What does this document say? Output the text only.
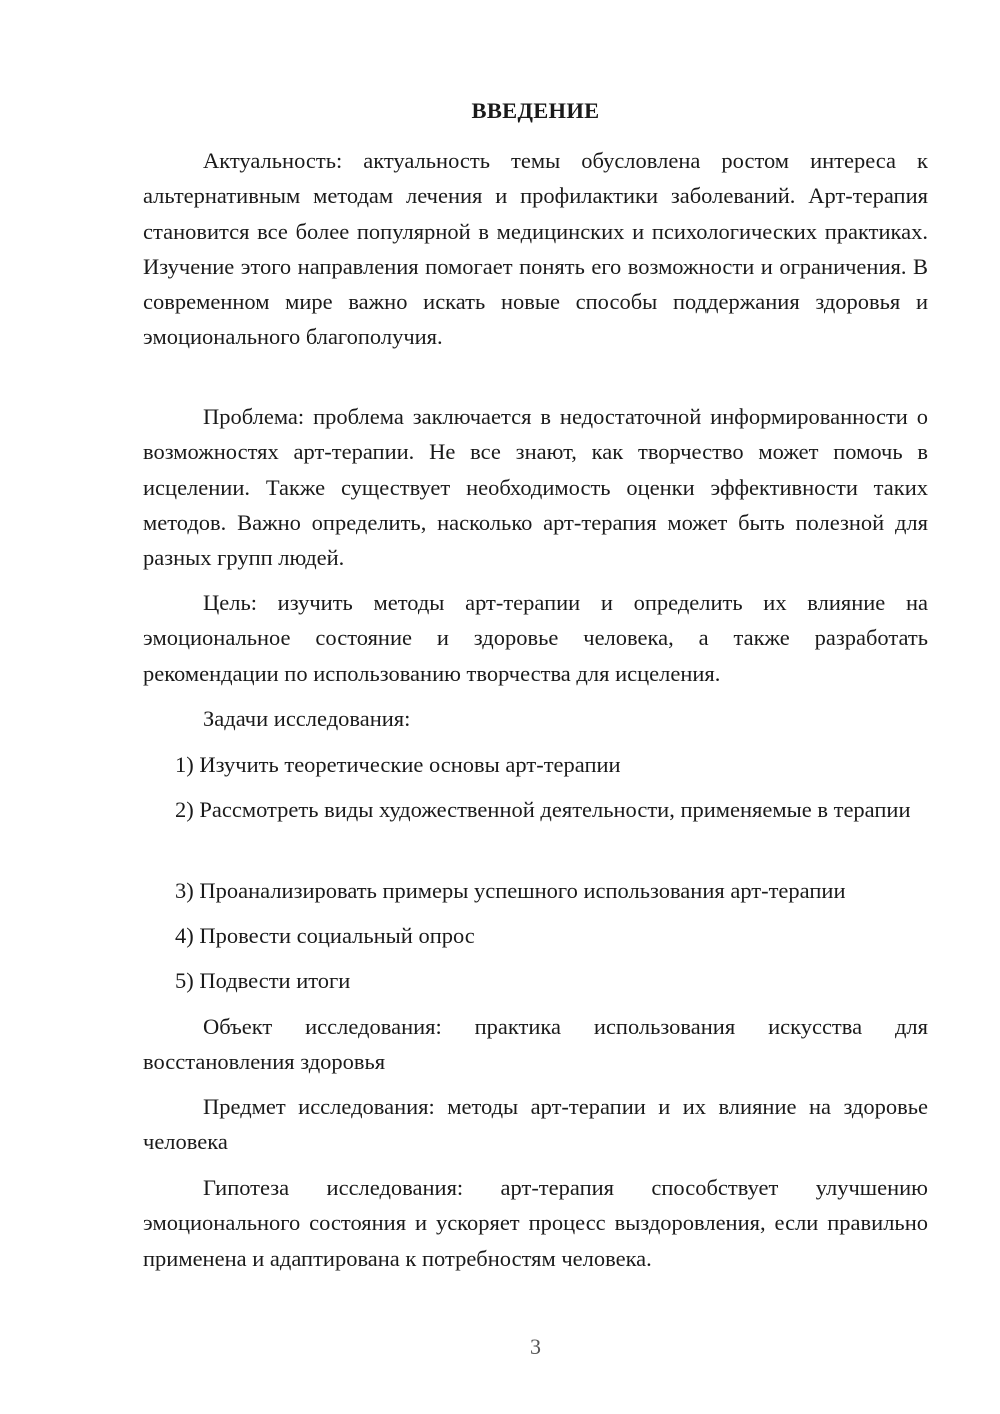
ВВЕДЕНИЕ

Актуальность: актуальность темы обусловлена ростом интереса к альтернативным методам лечения и профилактики заболеваний. Арт-терапия становится все более популярной в медицинских и психологических практиках. Изучение этого направления помогает понять его возможности и ограничения. В современном мире важно искать новые способы поддержания здоровья и эмоционального благополучия.

Проблема: проблема заключается в недостаточной информированности о возможностях арт-терапии. Не все знают, как творчество может помочь в исцелении. Также существует необходимость оценки эффективности таких методов. Важно определить, насколько арт-терапия может быть полезной для разных групп людей.

Цель: изучить методы арт-терапии и определить их влияние на эмоциональное состояние и здоровье человека, а также разработать рекомендации по использованию творчества для исцеления.

Задачи исследования:

1) Изучить теоретические основы арт-терапии

2) Рассмотреть виды художественной деятельности, применяемые в терапии

3) Проанализировать примеры успешного использования арт-терапии

4) Провести социальный опрос

5) Подвести итоги

Объект исследования: практика использования искусства для восстановления здоровья

Предмет исследования: методы арт-терапии и их влияние на здоровье человека

Гипотеза исследования: арт-терапия способствует улучшению эмоционального состояния и ускоряет процесс выздоровления, если правильно применена и адаптирована к потребностям человека.

3
